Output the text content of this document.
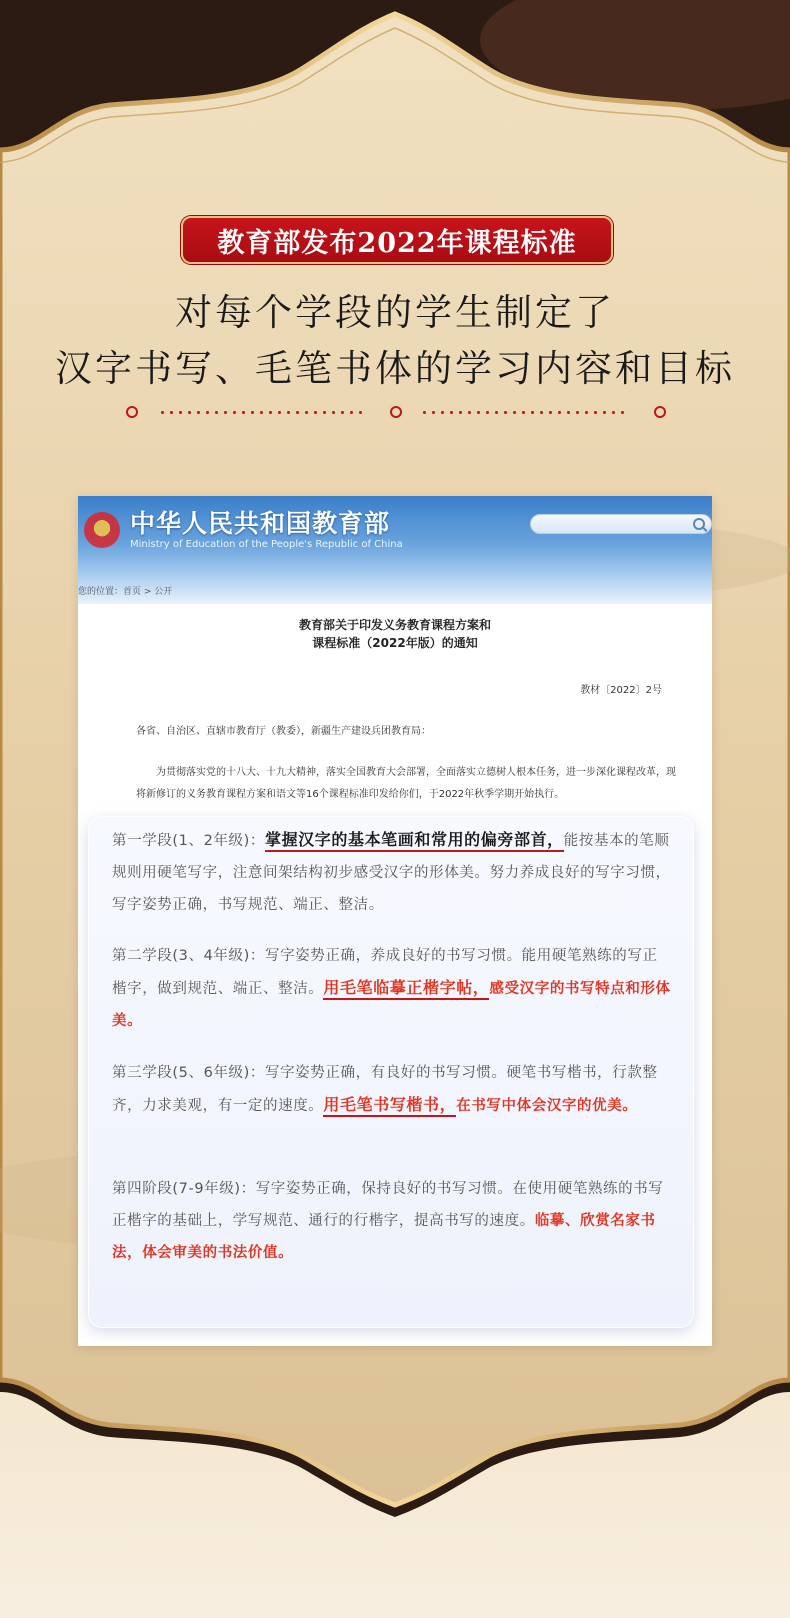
教育部发布2022年课程标准
对每个学段的学生制定了
汉字书写、毛笔书体的学习内容和目标
中华人民共和国教育部
Ministry of Education of the People's Republic of China
您的位置：首页 > 公开
教育部关于印发义务教育课程方案和
课程标准（2022年版）的通知
教材〔2022〕2号
各省、自治区、直辖市教育厅（教委），新疆生产建设兵团教育局：
为贯彻落实党的十八大、十九大精神，落实全国教育大会部署，全面落实立德树人根本任务，进一步深化课程改革，现将新修订的义务教育课程方案和语文等16个课程标准印发给你们，于2022年秋季学期开始执行。
第一学段(1、2年级)：掌握汉字的基本笔画和常用的偏旁部首，能按基本的笔顺规则用硬笔写字，注意间架结构初步感受汉字的形体美。努力养成良好的写字习惯，写字姿势正确，书写规范、端正、整洁。
第二学段(3、4年级)：写字姿势正确，养成良好的书写习惯。能用硬笔熟练的写正楷字，做到规范、端正、整洁。用毛笔临摹正楷字帖，感受汉字的书写特点和形体美。
第三学段(5、6年级)：写字姿势正确，有良好的书写习惯。硬笔书写楷书，行款整齐，力求美观，有一定的速度。用毛笔书写楷书，在书写中体会汉字的优美。
第四阶段(7-9年级)：写字姿势正确，保持良好的书写习惯。在使用硬笔熟练的书写正楷字的基础上，学写规范、通行的行楷字，提高书写的速度。临摹、欣赏名家书法，体会审美的书法价值。
